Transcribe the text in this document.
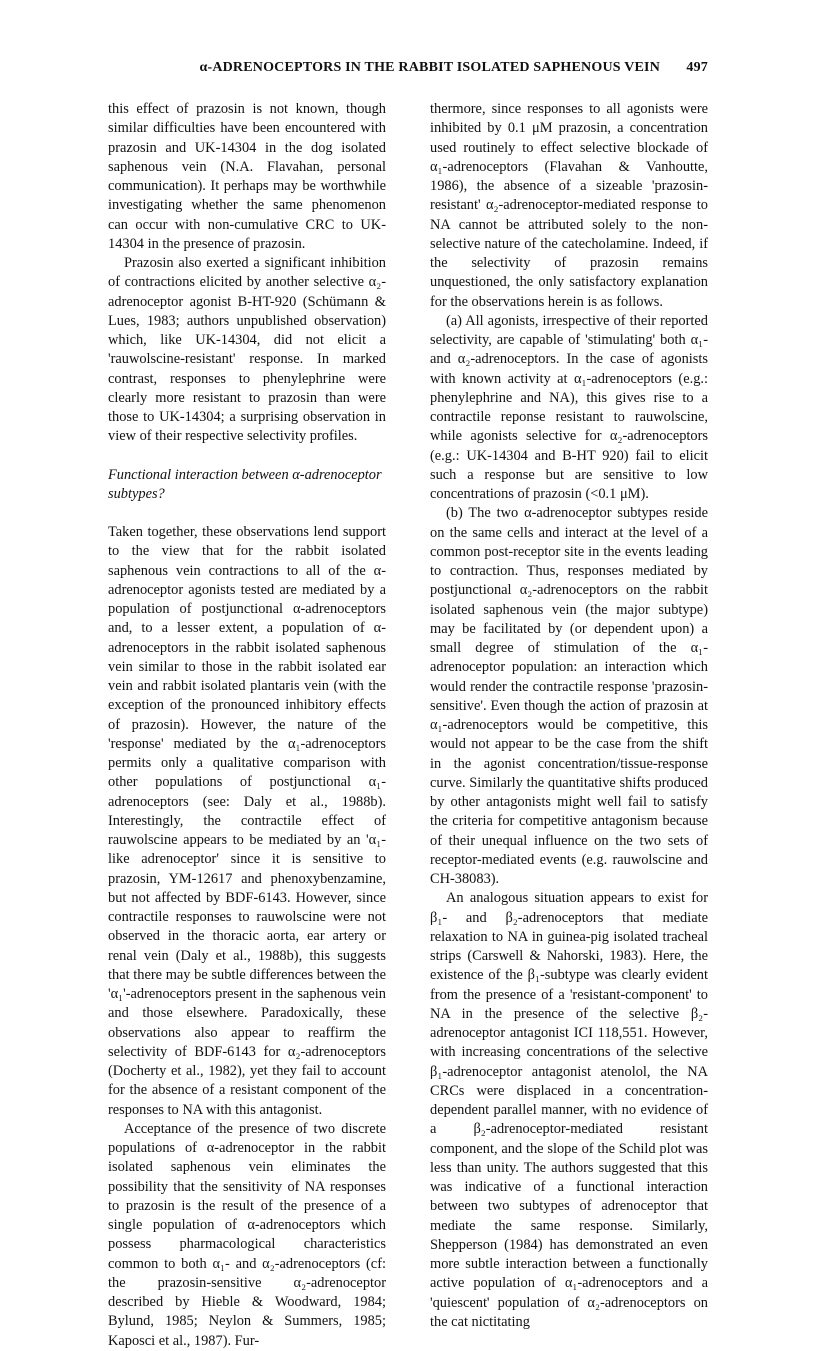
α-ADRENOCEPTORS IN THE RABBIT ISOLATED SAPHENOUS VEIN 497

this effect of prazosin is not known, though similar difficulties have been encountered with prazosin and UK-14304 in the dog isolated saphenous vein (N.A. Flavahan, personal communication). It perhaps may be worthwhile investigating whether the same phenomenon can occur with non-cumulative CRC to UK-14304 in the presence of prazosin.

Prazosin also exerted a significant inhibition of contractions elicited by another selective α₂-adrenoceptor agonist B-HT-920 (Schümann & Lues, 1983; authors unpublished observation) which, like UK-14304, did not elicit a 'rauwolscine-resistant' response. In marked contrast, responses to phenylephrine were clearly more resistant to prazosin than were those to UK-14304; a surprising observation in view of their respective selectivity profiles.

Functional interaction between α-adrenoceptor subtypes?

Taken together, these observations lend support to the view that for the rabbit isolated saphenous vein contractions to all of the α-adrenoceptor agonists tested are mediated by a population of postjunctional α-adrenoceptors and, to a lesser extent, a population of α-adrenoceptors in the rabbit isolated saphenous vein similar to those in the rabbit isolated ear vein and rabbit isolated plantaris vein (with the exception of the pronounced inhibitory effects of prazosin). However, the nature of the 'response' mediated by the α₁-adrenoceptors permits only a qualitative comparison with other populations of postjunctional α₁-adrenoceptors (see: Daly et al., 1988b). Interestingly, the contractile effect of rauwolscine appears to be mediated by an 'α₁-like adrenoceptor' since it is sensitive to prazosin, YM-12617 and phenoxybenzamine, but not affected by BDF-6143. However, since contractile responses to rauwolscine were not observed in the thoracic aorta, ear artery or renal vein (Daly et al., 1988b), this suggests that there may be subtle differences between the 'α₁'-adrenoceptors present in the saphenous vein and those elsewhere. Paradoxically, these observations also appear to reaffirm the selectivity of BDF-6143 for α₂-adrenoceptors (Docherty et al., 1982), yet they fail to account for the absence of a resistant component of the responses to NA with this antagonist.

Acceptance of the presence of two discrete populations of α-adrenoceptor in the rabbit isolated saphenous vein eliminates the possibility that the sensitivity of NA responses to prazosin is the result of the presence of a single population of α-adrenoceptors which possess pharmacological characteristics common to both α₁- and α₂-adrenoceptors (cf: the prazosin-sensitive α₂-adrenoceptor described by Hieble & Woodward, 1984; Bylund, 1985; Neylon & Summers, 1985; Kaposci et al., 1987). Fur-

thermore, since responses to all agonists were inhibited by 0.1 μM prazosin, a concentration used routinely to effect selective blockade of α₁-adrenoceptors (Flavahan & Vanhoutte, 1986), the absence of a sizeable 'prazosin-resistant' α₂-adrenoceptor-mediated response to NA cannot be attributed solely to the non-selective nature of the catecholamine. Indeed, if the selectivity of prazosin remains unquestioned, the only satisfactory explanation for the observations herein is as follows.

(a) All agonists, irrespective of their reported selectivity, are capable of 'stimulating' both α₁- and α₂-adrenoceptors. In the case of agonists with known activity at α₁-adrenoceptors (e.g.: phenylephrine and NA), this gives rise to a contractile reponse resistant to rauwolscine, while agonists selective for α₂-adrenoceptors (e.g.: UK-14304 and B-HT 920) fail to elicit such a response but are sensitive to low concentrations of prazosin (<0.1 μM).

(b) The two α-adrenoceptor subtypes reside on the same cells and interact at the level of a common post-receptor site in the events leading to contraction. Thus, responses mediated by postjunctional α₂-adrenoceptors on the rabbit isolated saphenous vein (the major subtype) may be facilitated by (or dependent upon) a small degree of stimulation of the α₁-adrenoceptor population: an interaction which would render the contractile response 'prazosin-sensitive'. Even though the action of prazosin at α₁-adrenoceptors would be competitive, this would not appear to be the case from the shift in the agonist concentration/tissue-response curve. Similarly the quantitative shifts produced by other antagonists might well fail to satisfy the criteria for competitive antagonism because of their unequal influence on the two sets of receptor-mediated events (e.g. rauwolscine and CH-38083).

An analogous situation appears to exist for β₁- and β₂-adrenoceptors that mediate relaxation to NA in guinea-pig isolated tracheal strips (Carswell & Nahorski, 1983). Here, the existence of the β₁-subtype was clearly evident from the presence of a 'resistant-component' to NA in the presence of the selective β₂-adrenoceptor antagonist ICI 118,551. However, with increasing concentrations of the selective β₁-adrenoceptor antagonist atenolol, the NA CRCs were displaced in a concentration-dependent parallel manner, with no evidence of a β₂-adrenoceptor-mediated resistant component, and the slope of the Schild plot was less than unity. The authors suggested that this was indicative of a functional interaction between two subtypes of adrenoceptor that mediate the same response. Similarly, Shepperson (1984) has demonstrated an even more subtle interaction between a functionally active population of α₁-adrenoceptors and a 'quiescent' population of α₂-adrenoceptors on the cat nictitating
